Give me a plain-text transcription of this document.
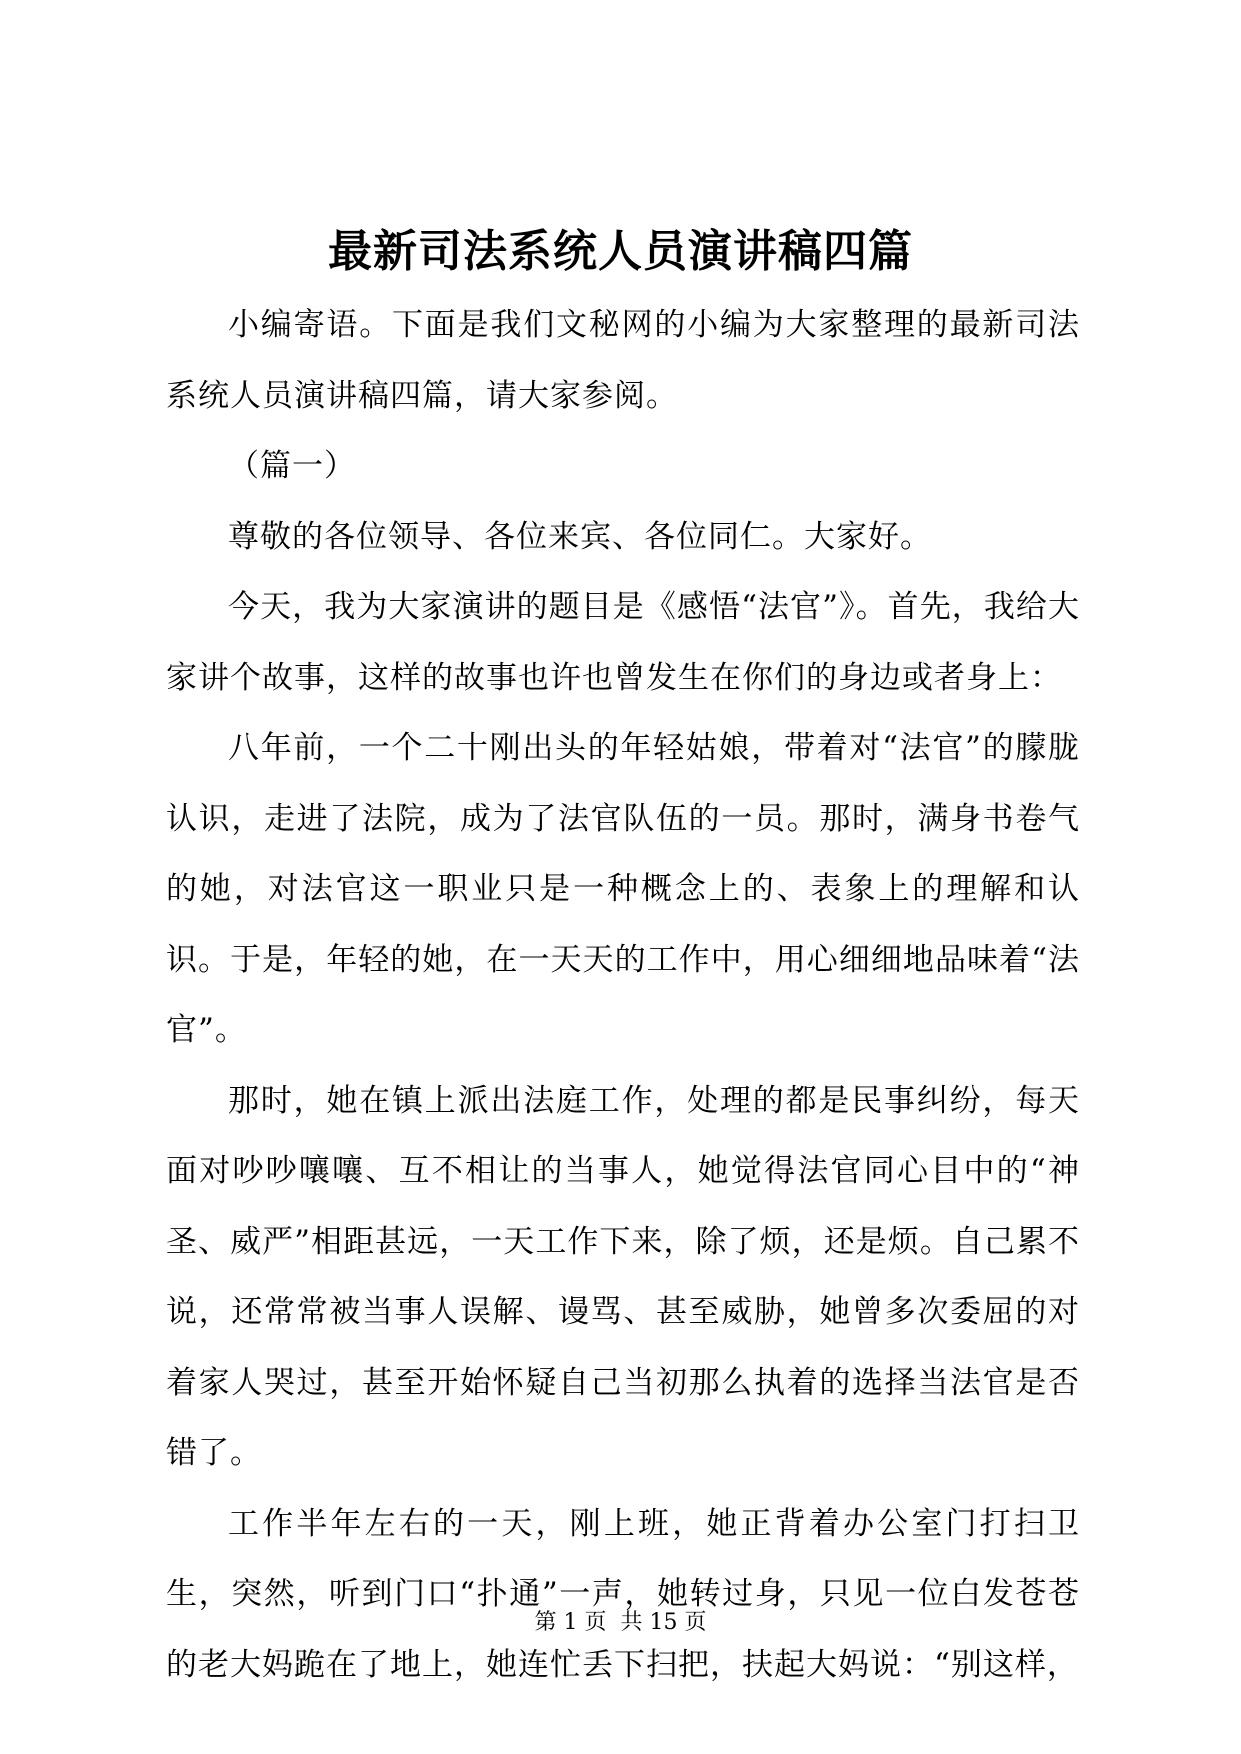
最新司法系统人员演讲稿四篇

小编寄语。下面是我们文秘网的小编为大家整理的最新司法系统人员演讲稿四篇，请大家参阅。

（篇一）

尊敬的各位领导、各位来宾、各位同仁。大家好。

今天，我为大家演讲的题目是《感悟“法官”》。首先，我给大家讲个故事，这样的故事也许也曾发生在你们的身边或者身上：

八年前，一个二十刚出头的年轻姑娘，带着对“法官”的朦胧认识，走进了法院，成为了法官队伍的一员。那时，满身书卷气的她，对法官这一职业只是一种概念上的、表象上的理解和认识。于是，年轻的她，在一天天的工作中，用心细细地品味着“法官”。

那时，她在镇上派出法庭工作，处理的都是民事纠纷，每天面对吵吵嚷嚷、互不相让的当事人，她觉得法官同心目中的“神圣、威严”相距甚远，一天工作下来，除了烦，还是烦。自己累不说，还常常被当事人误解、谩骂、甚至威胁，她曾多次委屈的对着家人哭过，甚至开始怀疑自己当初那么执着的选择当法官是否错了。

工作半年左右的一天，刚上班，她正背着办公室门打扫卫生，突然，听到门口“扑通”一声，她转过身，只见一位白发苍苍的老大妈跪在了地上，她连忙丢下扫把，扶起大妈说：“别这样，

第 1 页  共 15 页
